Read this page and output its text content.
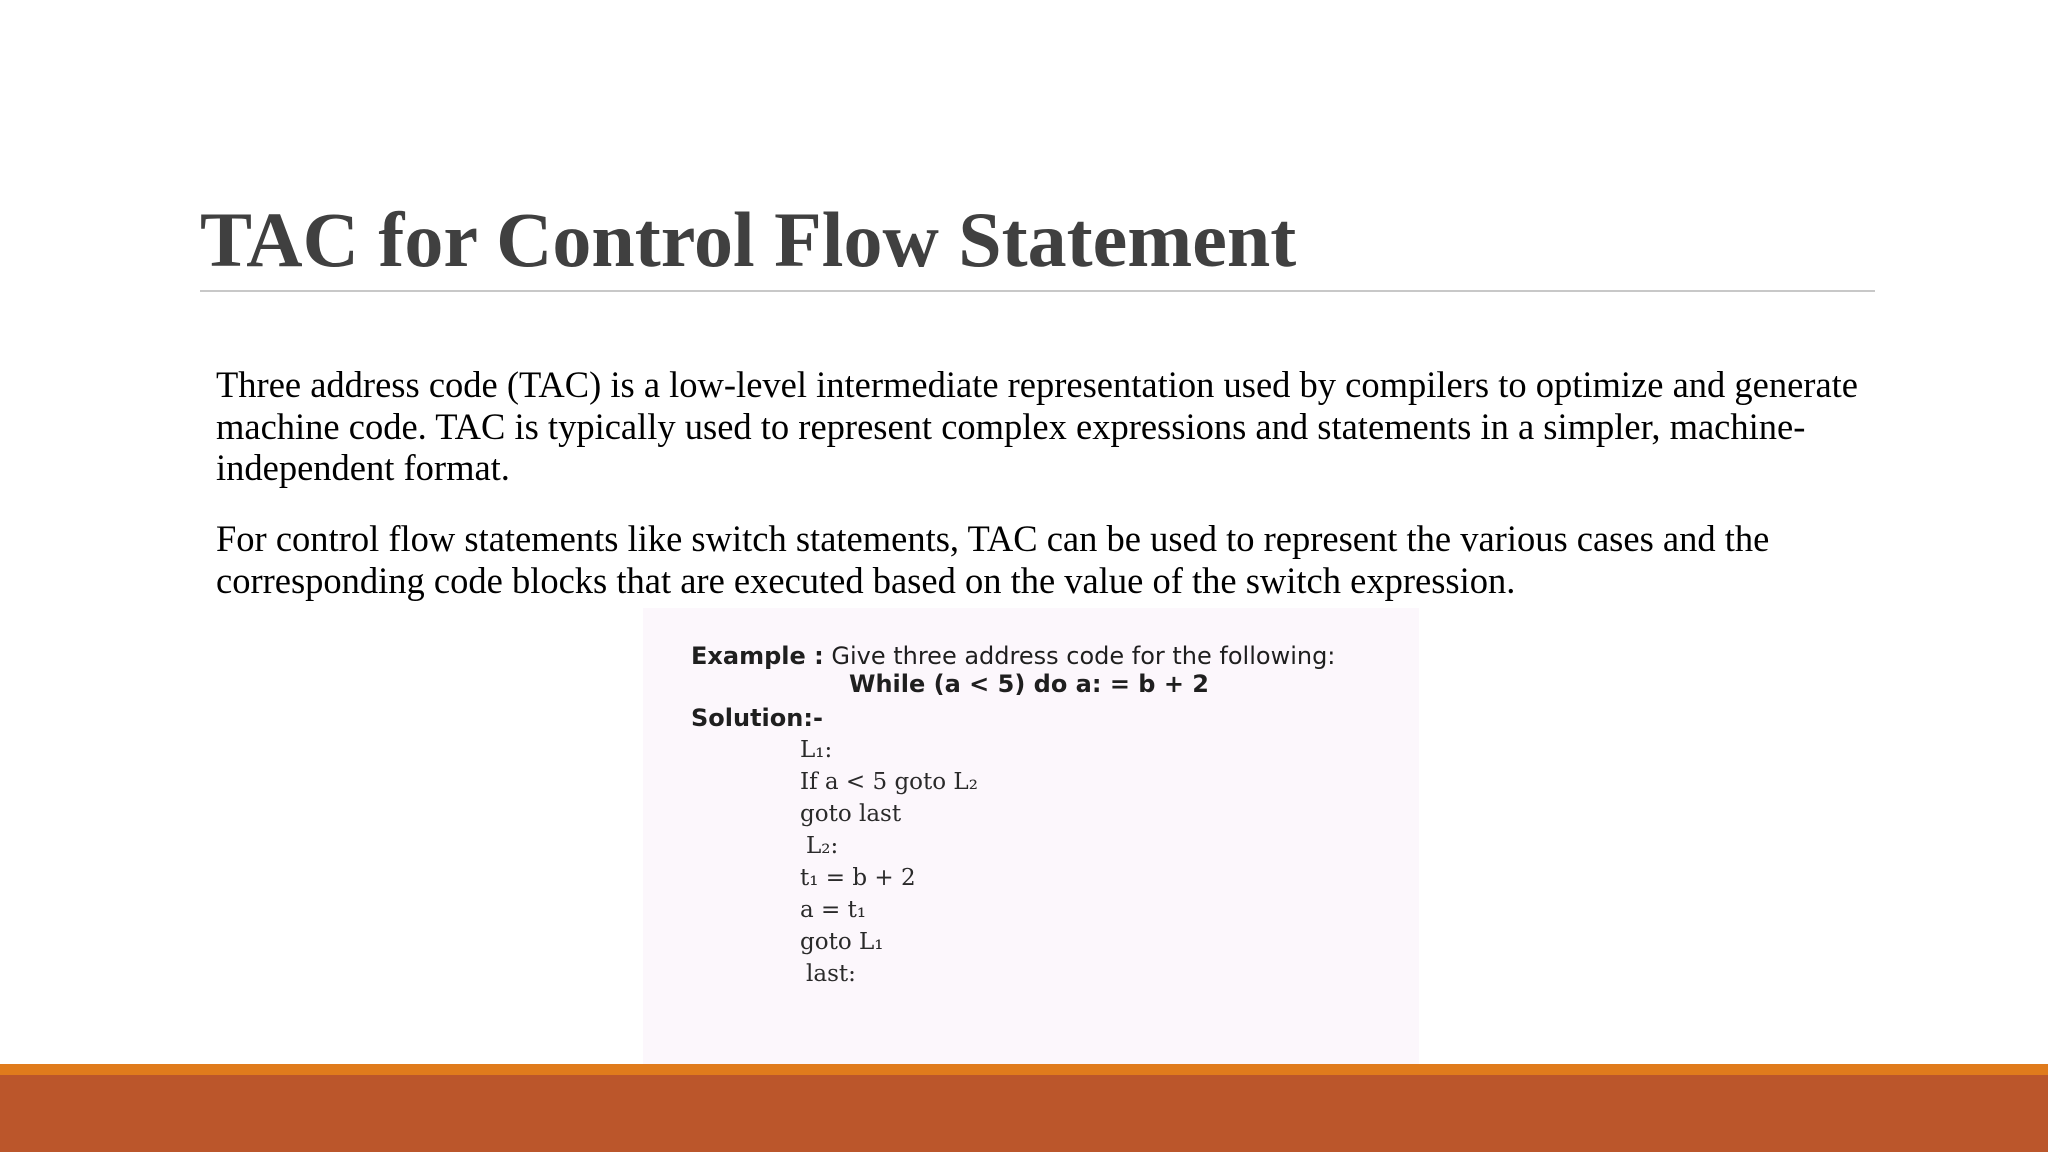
TAC for Control Flow Statement

Three address code (TAC) is a low-level intermediate representation used by compilers to optimize and generate machine code. TAC is typically used to represent complex expressions and statements in a simpler, machine-independent format.

For control flow statements like switch statements, TAC can be used to represent the various cases and the corresponding code blocks that are executed based on the value of the switch expression.

Example : Give three address code for the following:
While (a < 5) do a: = b + 2
Solution:-
L₁:
If a < 5 goto L₂
goto last
L₂:
t₁ = b + 2
a = t₁
goto L₁
last:
